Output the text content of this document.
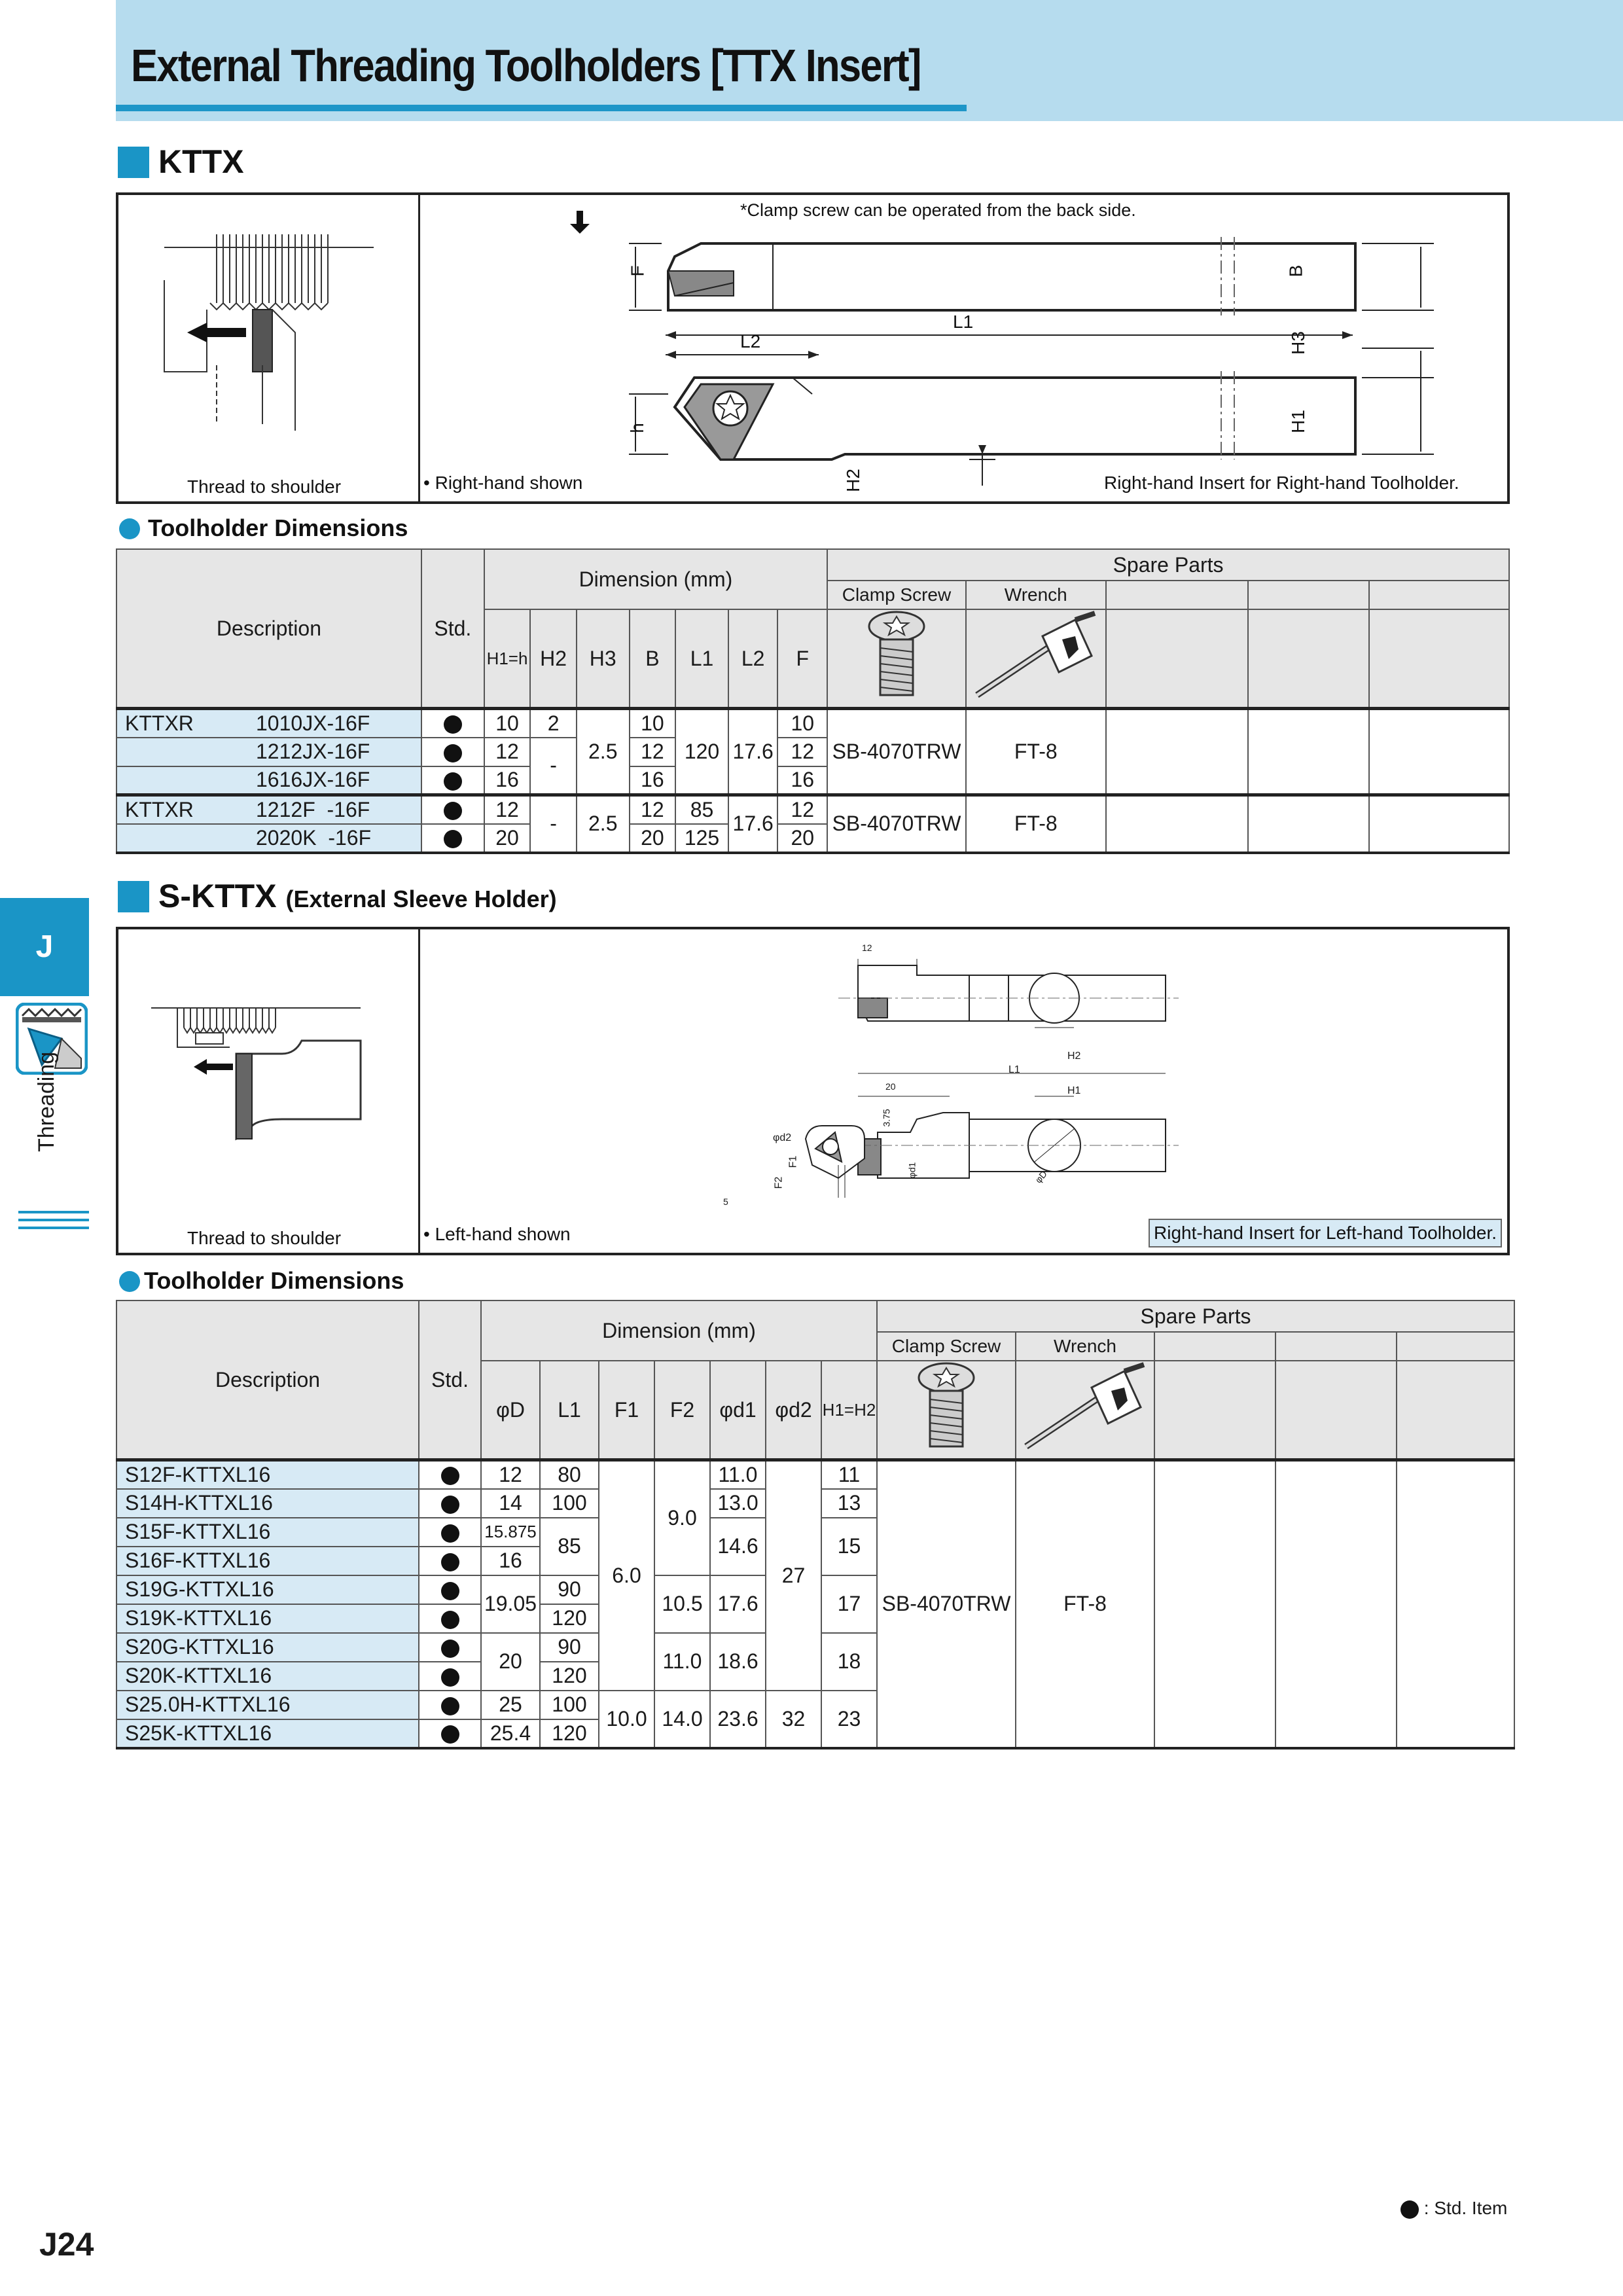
External Threading Toolholders [TTX Insert]
J
Threading
KTTX
Thread to shoulder
*Clamp screw can be operated from the back side.
F	B
L1
L2	H3
h	H1
H2
• Right-hand shown	Right-hand Insert for Right-hand Toolholder.
Toolholder Dimensions
Description	Std.	Dimension (mm)							Spare Parts				
									Clamp Screw	Wrench			
		H1=h	H2	H3	B	L1	L2	F					
KTTXR 1010JX-16F		10	2	2.5	10	120	17.6	10	SB-4070TRW	FT-8			
1212JX-16F		12	-		12			12					
1616JX-16F		16			16			16					
KTTXR 1212F  -16F		12	-	2.5	12	85	17.6	12	SB-4070TRW	FT-8			
2020K  -16F		20			20	125		20					
S-KTTX (External Sleeve Holder)
Thread to shoulder
12
H2
L1
H1
20
3.75
φd2
F1
F2
φd1	φD
5
• Left-hand shown	Right-hand Insert for Left-hand Toolholder.
Toolholder Dimensions
Description	Std.	Dimension (mm)							Spare Parts				
									Clamp Screw	Wrench			
		φD	L1	F1	F2	φd1	φd2	H1=H2					
S12F-KTTXL16		12	80	6.0	9.0	11.0	27	11	SB-4070TRW	FT-8			
S14H-KTTXL16		14	100			13.0		13					
S15F-KTTXL16		15.875	85			14.6		15					
S16F-KTTXL16		16											
S19G-KTTXL16		19.05	90		10.5	17.6		17					
S19K-KTTXL16			120										
S20G-KTTXL16		20	90		11.0	18.6		18					
S20K-KTTXL16			120										
S25.0H-KTTXL16		25	100	10.0	14.0	23.6	32	23					
S25K-KTTXL16		25.4	120										
: Std. Item
J24
